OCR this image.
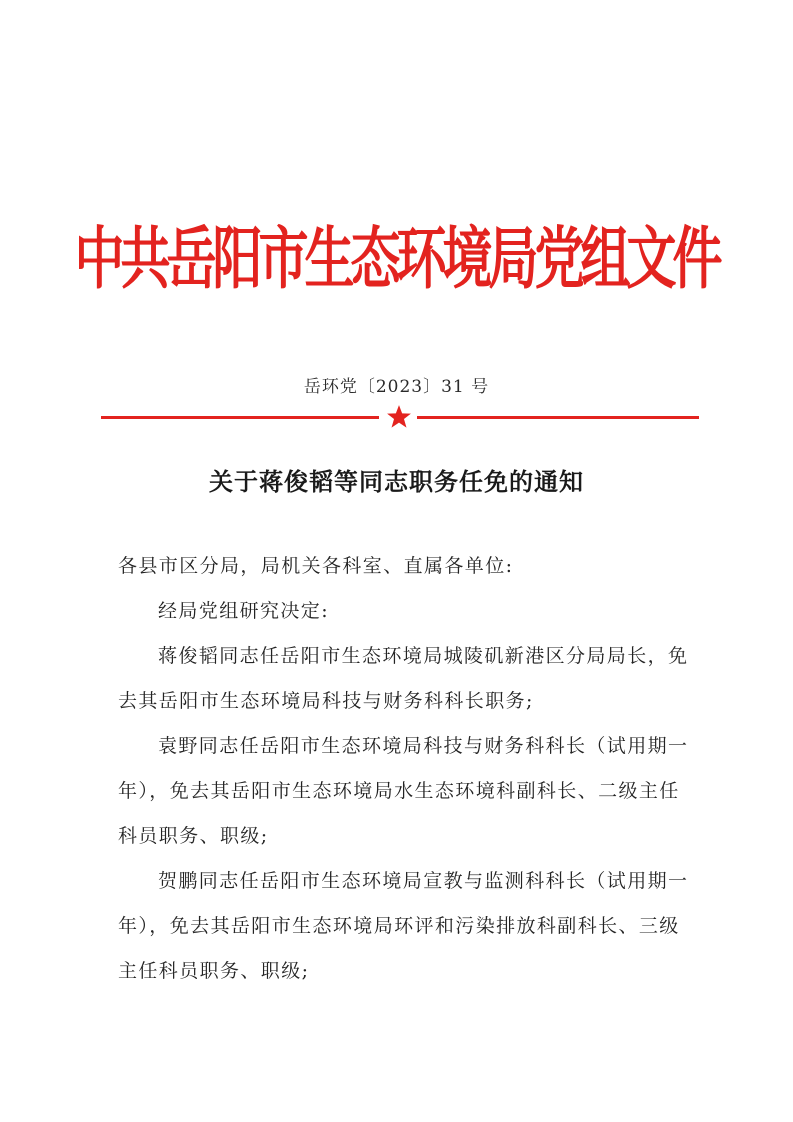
中共岳阳市生态环境局党组文件
岳环党〔2023〕31 号
关于蒋俊韬等同志职务任免的通知

各县市区分局，局机关各科室、直属各单位:

经局党组研究决定:

蒋俊韬同志任岳阳市生态环境局城陵矶新港区分局局长，免去其岳阳市生态环境局科技与财务科科长职务;

袁野同志任岳阳市生态环境局科技与财务科科长（试用期一年），免去其岳阳市生态环境局水生态环境科副科长、二级主任科员职务、职级;

贺鹏同志任岳阳市生态环境局宣教与监测科科长（试用期一年），免去其岳阳市生态环境局环评和污染排放科副科长、三级主任科员职务、职级;
